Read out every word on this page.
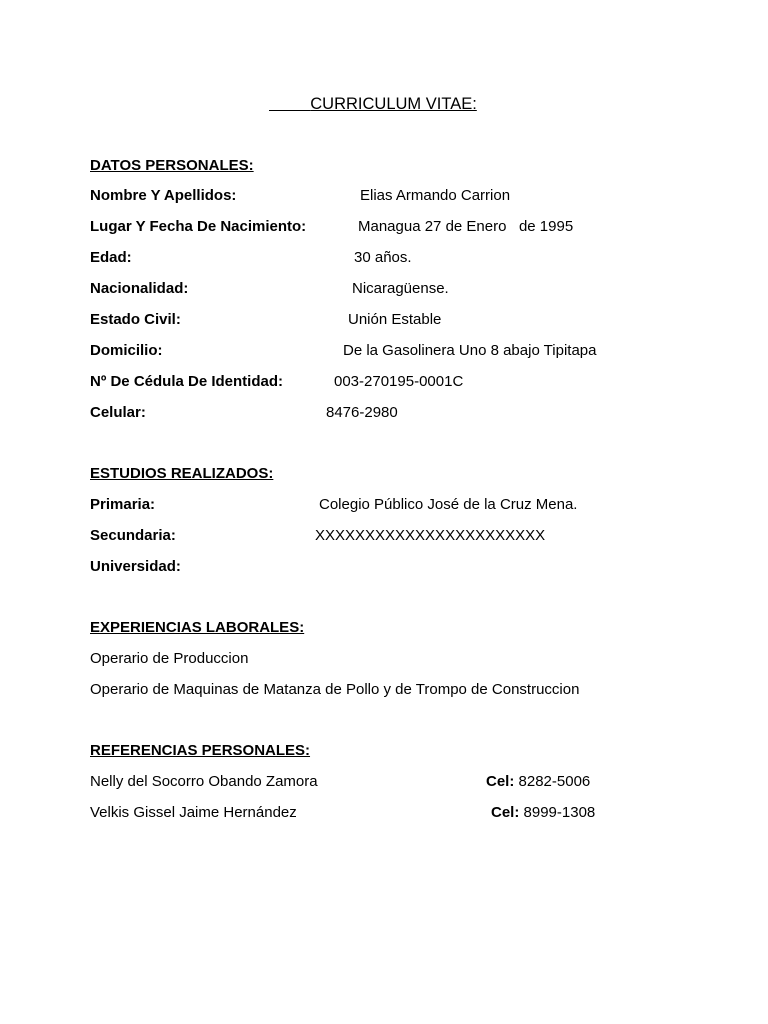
CURRICULUM VITAE:
DATOS PERSONALES:
Nombre Y Apellidos:	Elias Armando Carrion
Lugar Y Fecha De Nacimiento:	Managua 27 de Enero   de 1995
Edad:	30 años.
Nacionalidad:	Nicaragüense.
Estado Civil:	Unión Estable
Domicilio:	De la Gasolinera Uno 8 abajo Tipitapa
Nº De Cédula De Identidad:	003-270195-0001C
Celular:	8476-2980
ESTUDIOS REALIZADOS:
Primaria:	Colegio Público José de la Cruz Mena.
Secundaria:	XXXXXXXXXXXXXXXXXXXXXXX
Universidad:
EXPERIENCIAS LABORALES:
Operario de Produccion
Operario de Maquinas de Matanza de Pollo y de Trompo de Construccion
REFERENCIAS PERSONALES:
Nelly del Socorro Obando Zamora	Cel: 8282-5006
Velkis Gissel Jaime Hernández	Cel: 8999-1308
